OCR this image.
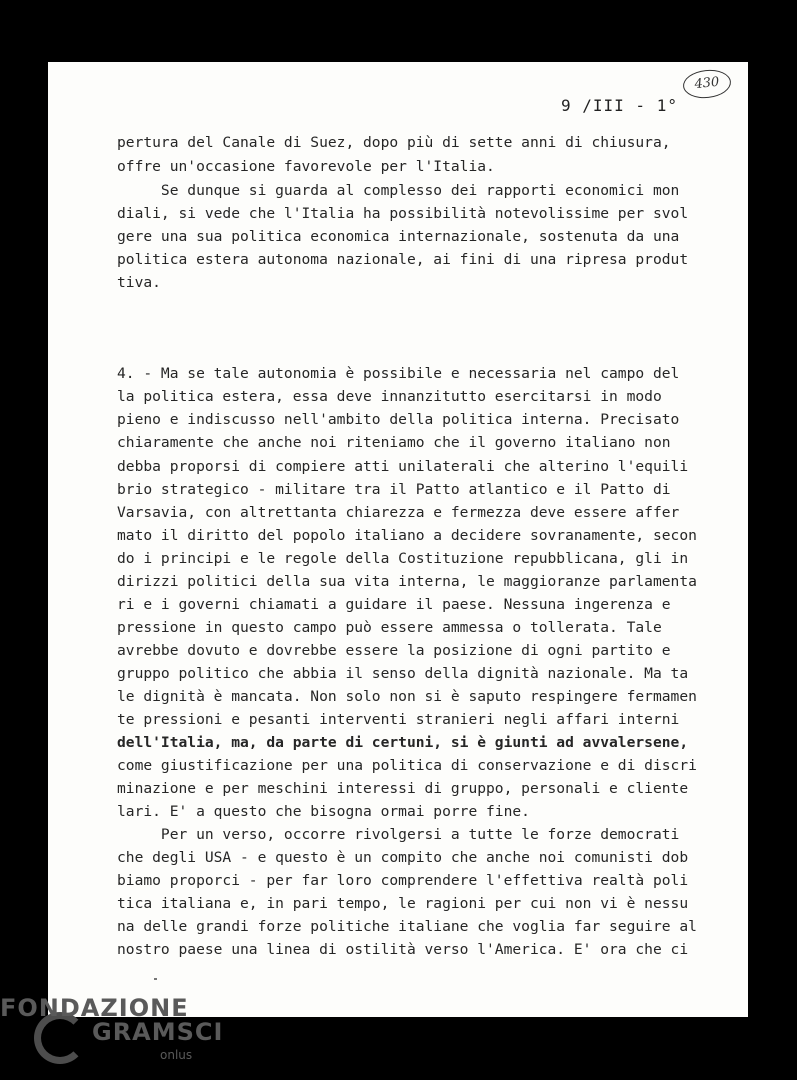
9 /III - 1°
430
pertura del Canale di Suez, dopo più di sette anni di chiusura,
offre un'occasione favorevole per l'Italia.
Se dunque si guarda al complesso dei rapporti economici mon
diali, si vede che l'Italia ha possibilità notevolissime per svol
gere una sua politica economica internazionale, sostenuta da una
politica estera autonoma nazionale, ai fini di una ripresa produt
tiva.
4. - Ma se tale autonomia è possibile e necessaria nel campo del
la politica estera, essa deve innanzitutto esercitarsi in modo
pieno e indiscusso nell'ambito della politica interna. Precisato
chiaramente che anche noi riteniamo che il governo italiano non
debba proporsi di compiere atti unilaterali che alterino l'equili
brio strategico - militare tra il Patto atlantico e il Patto di
Varsavia, con altrettanta chiarezza e fermezza deve essere affer
mato il diritto del popolo italiano a decidere sovranamente, secon
do i principi e le regole della Costituzione repubblicana, gli in
dirizzi politici della sua vita interna, le maggioranze parlamenta
ri e i governi chiamati a guidare il paese. Nessuna ingerenza e
pressione in questo campo può essere ammessa o tollerata. Tale
avrebbe dovuto e dovrebbe essere la posizione di ogni partito e
gruppo politico che abbia il senso della dignità nazionale. Ma ta
le dignità è mancata. Non solo non si è saputo respingere fermamen
te pressioni e pesanti interventi stranieri negli affari interni
dell'Italia, ma, da parte di certuni, si è giunti ad avvalersene,
come giustificazione per una politica di conservazione e di discri
minazione e per meschini interessi di gruppo, personali e cliente
lari. E' a questo che bisogna ormai porre fine.
Per un verso, occorre rivolgersi a tutte le forze democrati
che degli USA - e questo è un compito che anche noi comunisti dob
biamo proporci - per far loro comprendere l'effettiva realtà poli
tica italiana e, in pari tempo, le ragioni per cui non vi è nessu
na delle grandi forze politiche italiane che voglia far seguire al
nostro paese una linea di ostilità verso l'America. E' ora che ci
FONDAZIONE
GRAMSCI
onlus
